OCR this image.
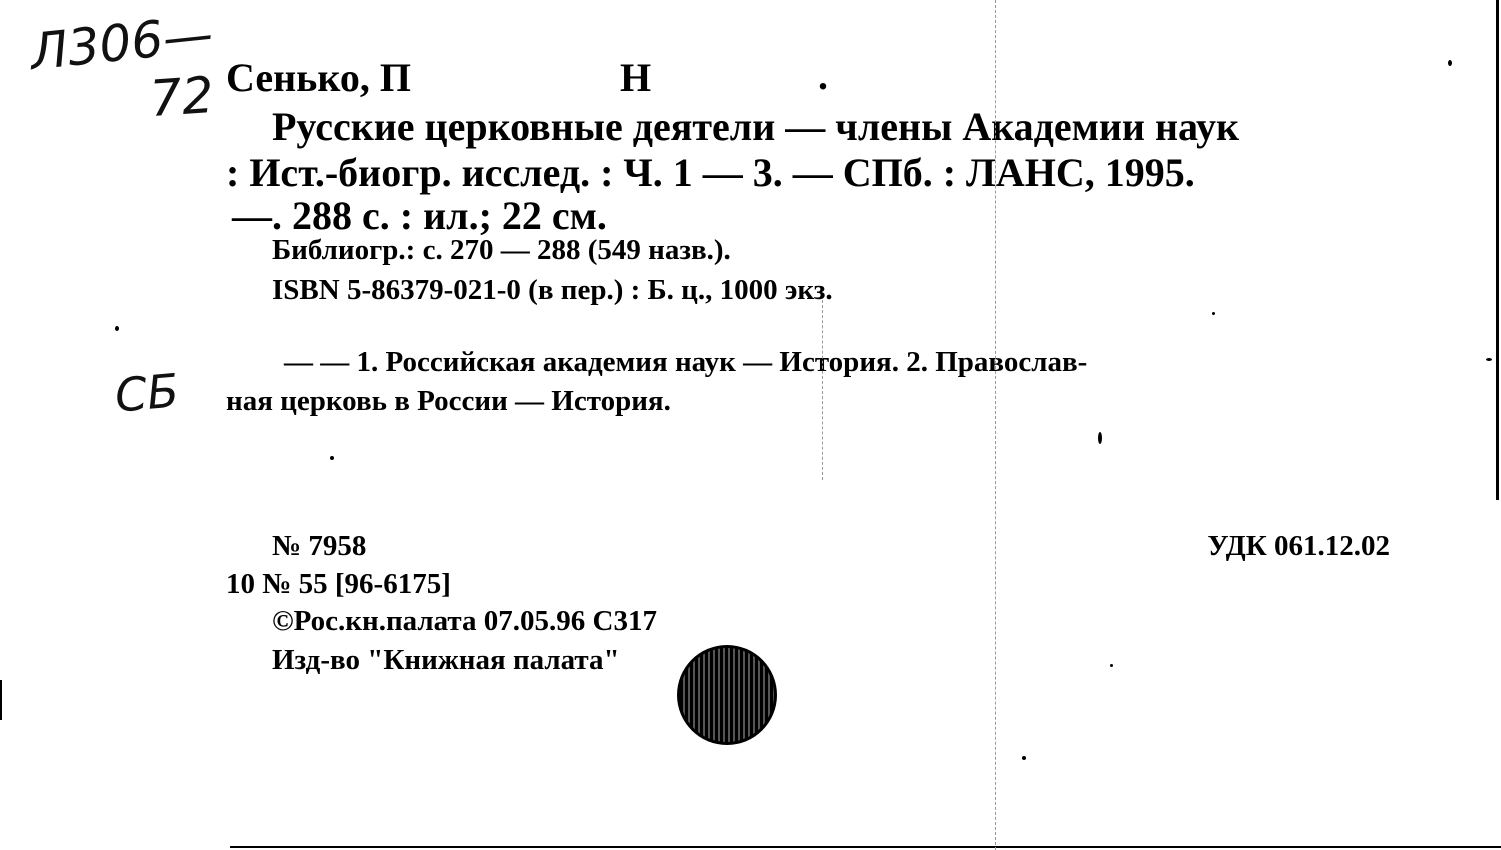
Л306—
72
СБ
Сенько, П	Н	.
Русские церковные деятели — члены Академии наук
: Ист.-биогр. исслед. : Ч. 1 — 3. — СПб. : ЛАНС, 1995.
—. 288 с. : ил.; 22 см.
Библиогр.: с. 270 — 288 (549 назв.).
ISBN 5-86379-021-0 (в пер.) : Б. ц., 1000 экз.
— — 1. Российская академия наук — История. 2. Православ-
ная церковь в России — История.
№ 7958	УДК 061.12.02
10 № 55 [96-6175]
©Рос.кн.палата 07.05.96 С317
Изд-во "Книжная палата"
